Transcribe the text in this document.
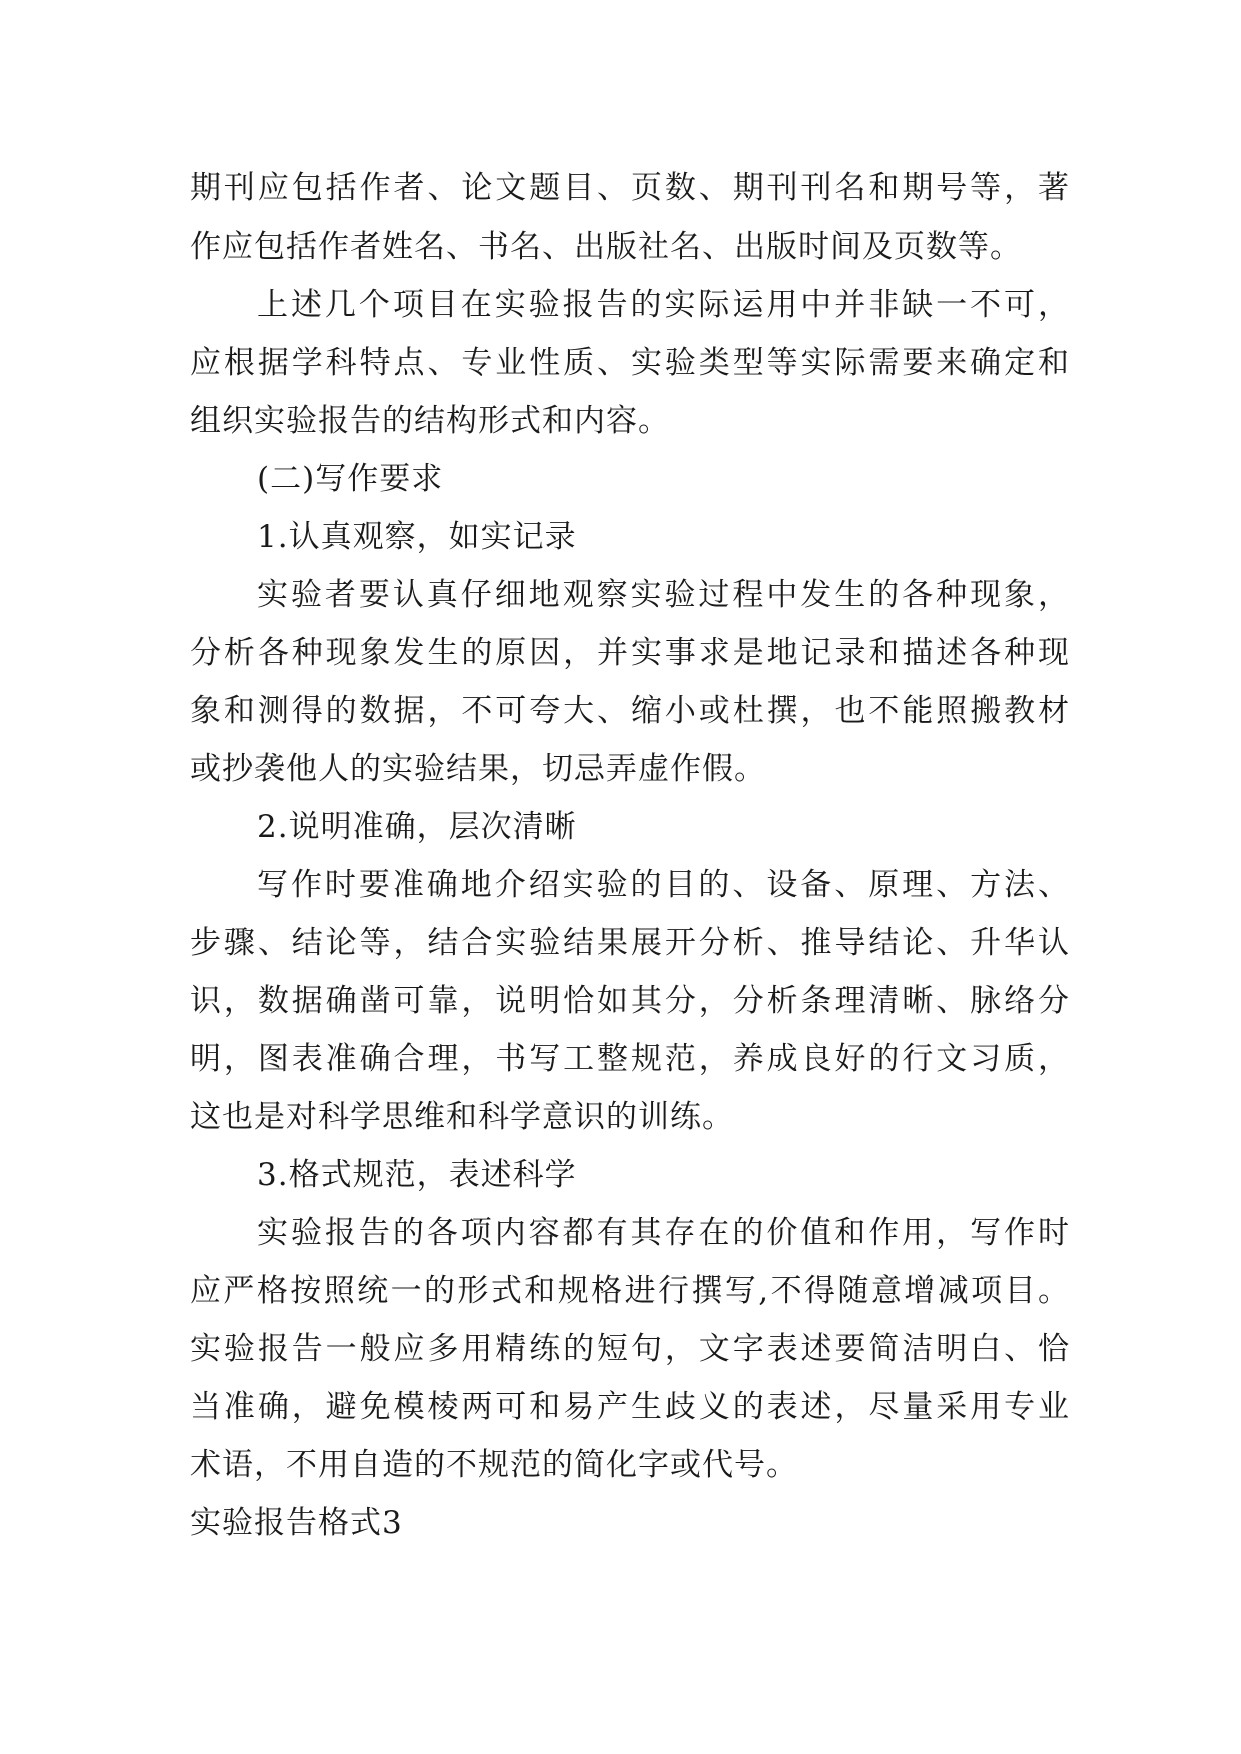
期刊应包括作者、论文题目、页数、期刊刊名和期号等，著
作应包括作者姓名、书名、出版社名、出版时间及页数等。
上述几个项目在实验报告的实际运用中并非缺一不可，
应根据学科特点、专业性质、实验类型等实际需要来确定和
组织实验报告的结构形式和内容。
(二)写作要求
1.认真观察，如实记录
实验者要认真仔细地观察实验过程中发生的各种现象，
分析各种现象发生的原因，并实事求是地记录和描述各种现
象和测得的数据，不可夸大、缩小或杜撰，也不能照搬教材
或抄袭他人的实验结果，切忌弄虚作假。
2.说明准确，层次清晰
写作时要准确地介绍实验的目的、设备、原理、方法、
步骤、结论等，结合实验结果展开分析、推导结论、升华认
识，数据确凿可靠，说明恰如其分，分析条理清晰、脉络分
明，图表准确合理，书写工整规范，养成良好的行文习质，
这也是对科学思维和科学意识的训练。
3.格式规范，表述科学
实验报告的各项内容都有其存在的价值和作用，写作时
应严格按照统一的形式和规格进行撰写,不得随意增减项目。
实验报告一般应多用精练的短句，文字表述要简洁明白、恰
当准确，避免模棱两可和易产生歧义的表述，尽量采用专业
术语，不用自造的不规范的简化字或代号。
实验报告格式3
